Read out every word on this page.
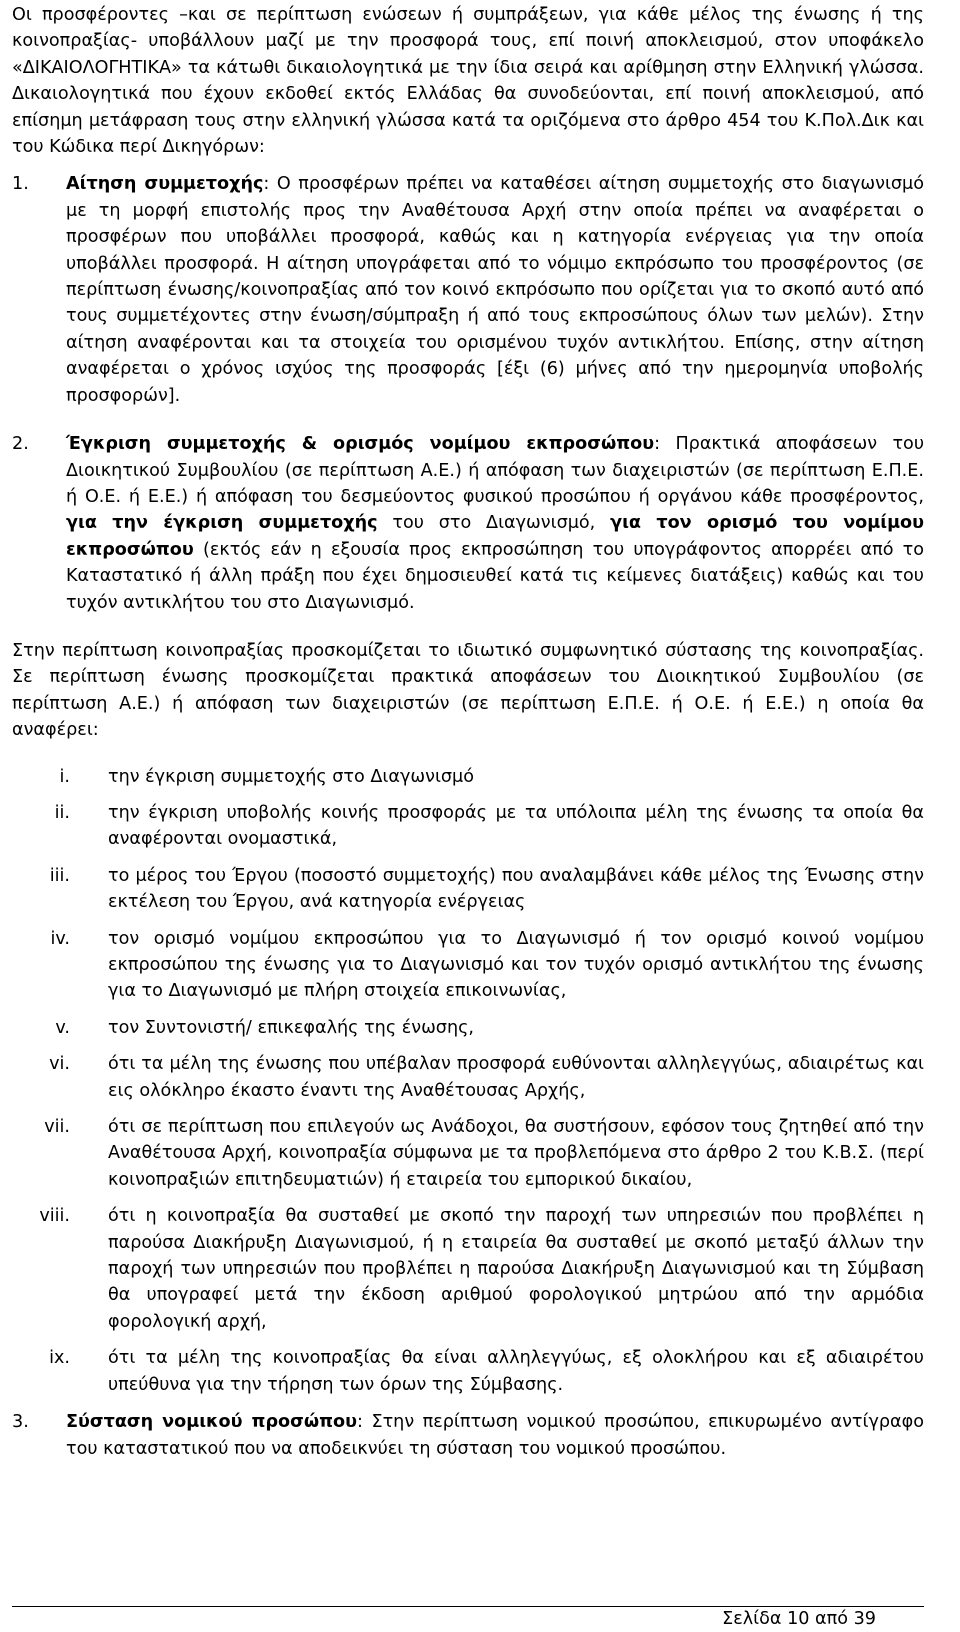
Οι προσφέροντες –και σε περίπτωση ενώσεων ή συμπράξεων, για κάθε μέλος της ένωσης ή της κοινοπραξίας- υποβάλλουν μαζί με την προσφορά τους, επί ποινή αποκλεισμού, στον υποφάκελο «ΔΙΚΑΙΟΛΟΓΗΤΙΚΑ» τα κάτωθι δικαιολογητικά με την ίδια σειρά και αρίθμηση στην Ελληνική γλώσσα. Δικαιολογητικά που έχουν εκδοθεί εκτός Ελλάδας θα συνοδεύονται, επί ποινή αποκλεισμού, από επίσημη μετάφραση τους στην ελληνική γλώσσα κατά τα οριζόμενα στο άρθρο 454 του Κ.Πολ.Δικ και του Κώδικα περί Δικηγόρων:

1. Αίτηση συμμετοχής: Ο προσφέρων πρέπει να καταθέσει αίτηση συμμετοχής στο διαγωνισμό με τη μορφή επιστολής προς την Αναθέτουσα Αρχή στην οποία πρέπει να αναφέρεται ο προσφέρων που υποβάλλει προσφορά, καθώς και η κατηγορία ενέργειας για την οποία υποβάλλει προσφορά. Η αίτηση υπογράφεται από το νόμιμο εκπρόσωπο του προσφέροντος (σε περίπτωση ένωσης/κοινοπραξίας από τον κοινό εκπρόσωπο που ορίζεται για το σκοπό αυτό από τους συμμετέχοντες στην ένωση/σύμπραξη ή από τους εκπροσώπους όλων των μελών). Στην αίτηση αναφέρονται και τα στοιχεία του ορισμένου τυχόν αντικλήτου. Επίσης, στην αίτηση αναφέρεται ο χρόνος ισχύος της προσφοράς [έξι (6) μήνες από την ημερομηνία υποβολής προσφορών].

2. Έγκριση συμμετοχής & ορισμός νομίμου εκπροσώπου: Πρακτικά αποφάσεων του Διοικητικού Συμβουλίου (σε περίπτωση Α.Ε.) ή απόφαση των διαχειριστών (σε περίπτωση Ε.Π.Ε. ή Ο.Ε. ή Ε.Ε.) ή απόφαση του δεσμεύοντος φυσικού προσώπου ή οργάνου κάθε προσφέροντος, για την έγκριση συμμετοχής του στο Διαγωνισμό, για τον ορισμό του νομίμου εκπροσώπου (εκτός εάν η εξουσία προς εκπροσώπηση του υπογράφοντος απορρέει από το Καταστατικό ή άλλη πράξη που έχει δημοσιευθεί κατά τις κείμενες διατάξεις) καθώς και του τυχόν αντικλήτου του στο Διαγωνισμό.

Στην περίπτωση κοινοπραξίας προσκομίζεται το ιδιωτικό συμφωνητικό σύστασης της κοινοπραξίας. Σε περίπτωση ένωσης προσκομίζεται πρακτικά αποφάσεων του Διοικητικού Συμβουλίου (σε περίπτωση Α.Ε.) ή απόφαση των διαχειριστών (σε περίπτωση Ε.Π.Ε. ή Ο.Ε. ή Ε.Ε.) η οποία θα αναφέρει:

i. την έγκριση συμμετοχής στο Διαγωνισμό

ii. την έγκριση υποβολής κοινής προσφοράς με τα υπόλοιπα μέλη της ένωσης τα οποία θα αναφέρονται ονομαστικά,

iii. το μέρος του Έργου (ποσοστό συμμετοχής) που αναλαμβάνει κάθε μέλος της Ένωσης στην εκτέλεση του Έργου, ανά κατηγορία ενέργειας

iv. τον ορισμό νομίμου εκπροσώπου για το Διαγωνισμό ή τον ορισμό κοινού νομίμου εκπροσώπου της ένωσης για το Διαγωνισμό και τον τυχόν ορισμό αντικλήτου της ένωσης για το Διαγωνισμό με πλήρη στοιχεία επικοινωνίας,

v. τον Συντονιστή/ επικεφαλής της ένωσης,

vi. ότι τα μέλη της ένωσης που υπέβαλαν προσφορά ευθύνονται αλληλεγγύως, αδιαιρέτως και εις ολόκληρο έκαστο έναντι της Αναθέτουσας Αρχής,

vii. ότι σε περίπτωση που επιλεγούν ως Ανάδοχοι, θα συστήσουν, εφόσον τους ζητηθεί από την Αναθέτουσα Αρχή, κοινοπραξία σύμφωνα με τα προβλεπόμενα στο άρθρο 2 του Κ.Β.Σ. (περί κοινοπραξιών επιτηδευματιών) ή εταιρεία του εμπορικού δικαίου,

viii. ότι η κοινοπραξία θα συσταθεί με σκοπό την παροχή των υπηρεσιών που προβλέπει η παρούσα Διακήρυξη Διαγωνισμού, ή η εταιρεία θα συσταθεί με σκοπό μεταξύ άλλων την παροχή των υπηρεσιών που προβλέπει η παρούσα Διακήρυξη Διαγωνισμού και τη Σύμβαση θα υπογραφεί μετά την έκδοση αριθμού φορολογικού μητρώου από την αρμόδια φορολογική αρχή,

ix. ότι τα μέλη της κοινοπραξίας θα είναι αλληλεγγύως, εξ ολοκλήρου και εξ αδιαιρέτου υπεύθυνα για την τήρηση των όρων της Σύμβασης.

3. Σύσταση νομικού προσώπου: Στην περίπτωση νομικού προσώπου, επικυρωμένο αντίγραφο του καταστατικού που να αποδεικνύει τη σύσταση του νομικού προσώπου.

Σελίδα 10 από 39
